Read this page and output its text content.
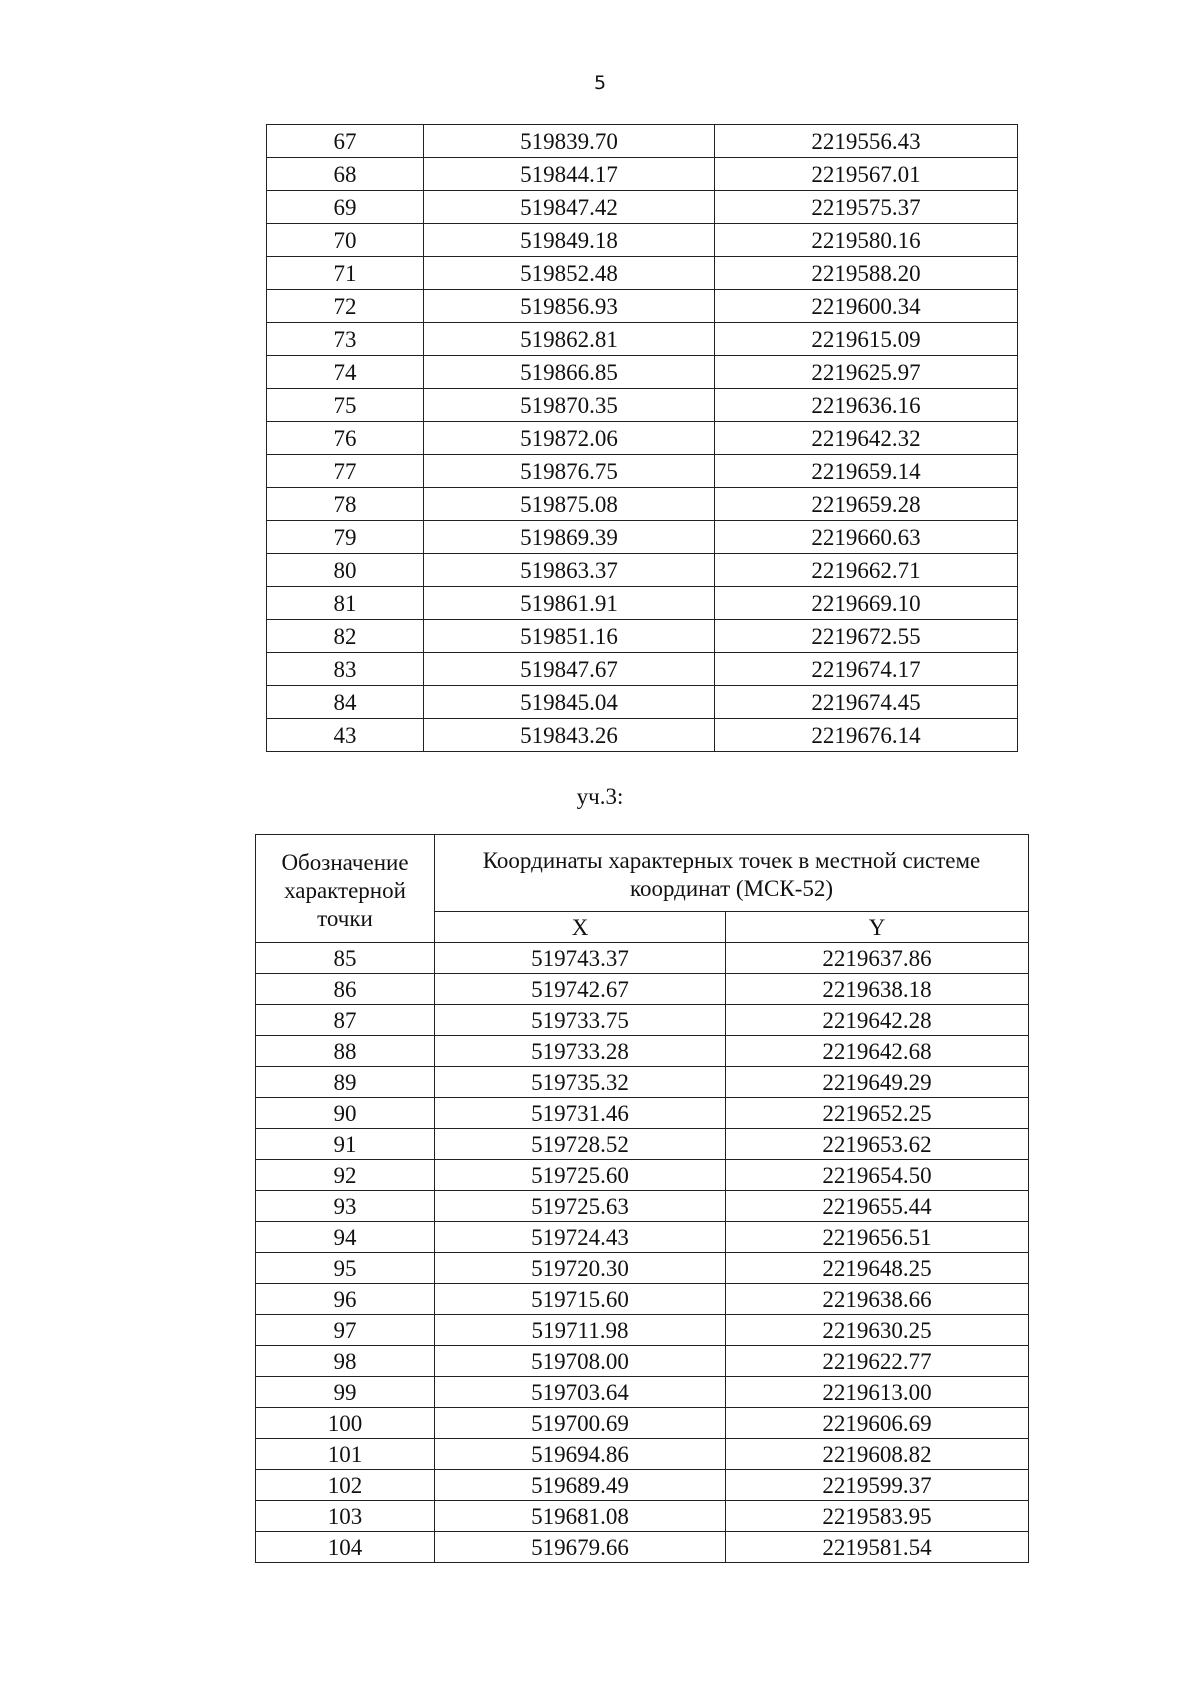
5
67	519839.70	2219556.43
68	519844.17	2219567.01
69	519847.42	2219575.37
70	519849.18	2219580.16
71	519852.48	2219588.20
72	519856.93	2219600.34
73	519862.81	2219615.09
74	519866.85	2219625.97
75	519870.35	2219636.16
76	519872.06	2219642.32
77	519876.75	2219659.14
78	519875.08	2219659.28
79	519869.39	2219660.63
80	519863.37	2219662.71
81	519861.91	2219669.10
82	519851.16	2219672.55
83	519847.67	2219674.17
84	519845.04	2219674.45
43	519843.26	2219676.14
уч.3:
Обозначение характерной точки	Координаты характерных точек в местной системе координат (МСК-52)	
	X	Y
85	519743.37	2219637.86
86	519742.67	2219638.18
87	519733.75	2219642.28
88	519733.28	2219642.68
89	519735.32	2219649.29
90	519731.46	2219652.25
91	519728.52	2219653.62
92	519725.60	2219654.50
93	519725.63	2219655.44
94	519724.43	2219656.51
95	519720.30	2219648.25
96	519715.60	2219638.66
97	519711.98	2219630.25
98	519708.00	2219622.77
99	519703.64	2219613.00
100	519700.69	2219606.69
101	519694.86	2219608.82
102	519689.49	2219599.37
103	519681.08	2219583.95
104	519679.66	2219581.54
